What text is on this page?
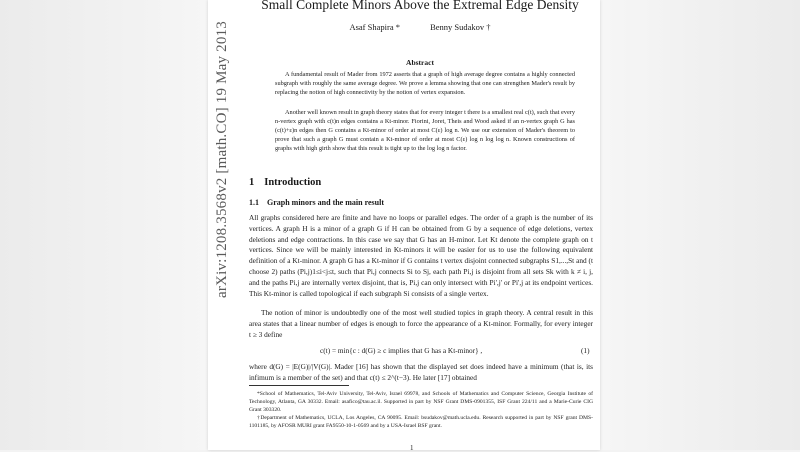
arXiv:1208.3568v2 [math.CO] 19 May 2013
Small Complete Minors Above the Extremal Edge Density
Asaf Shapira *	Benny Sudakov †
Abstract
A fundamental result of Mader from 1972 asserts that a graph of high average degree contains a highly connected subgraph with roughly the same average degree. We prove a lemma showing that one can strengthen Mader's result by replacing the notion of high connectivity by the notion of vertex expansion.
Another well known result in graph theory states that for every integer t there is a smallest real c(t), such that every n-vertex graph with c(t)n edges contains a Kt-minor. Fiorini, Joret, Theis and Wood asked if an n-vertex graph G has (c(t)+ε)n edges then G contains a Kt-minor of order at most C(ε) log n. We use our extension of Mader's theorem to prove that such a graph G must contain a Kt-minor of order at most C(ε) log n log log n. Known constructions of graphs with high girth show that this result is tight up to the log log n factor.
1 Introduction
1.1 Graph minors and the main result
All graphs considered here are finite and have no loops or parallel edges. The order of a graph is the number of its vertices. A graph H is a minor of a graph G if H can be obtained from G by a sequence of edge deletions, vertex deletions and edge contractions. In this case we say that G has an H-minor. Let Kt denote the complete graph on t vertices. Since we will be mainly interested in Kt-minors it will be easier for us to use the following equivalent definition of a Kt-minor. A graph G has a Kt-minor if G contains t vertex disjoint connected subgraphs S1,...,St and (t choose 2) paths (Pi,j)1≤i<j≤t, such that Pi,j connects Si to Sj, each path Pi,j is disjoint from all sets Sk with k ≠ i, j, and the paths Pi,j are internally vertex disjoint, that is, Pi,j can only intersect with Pi',j' or Pi',j at its endpoint vertices. This Kt-minor is called topological if each subgraph Si consists of a single vertex.
The notion of minor is undoubtedly one of the most well studied topics in graph theory. A central result in this area states that a linear number of edges is enough to force the appearance of a Kt-minor. Formally, for every integer t ≥ 3 define
c(t) = min{c : d(G) ≥ c implies that G has a Kt-minor} ,	(1)
where d(G) = |E(G)|/|V(G)|. Mader [16] has shown that the displayed set does indeed have a minimum (that is, its infimum is a member of the set) and that c(t) ≤ 2^(t−3). He later [17] obtained
*School of Mathematics, Tel-Aviv University, Tel-Aviv, Israel 69978, and Schools of Mathematics and Computer Science, Georgia Institute of Technology, Atlanta, GA 30332. Email: asafico@tau.ac.il. Supported in part by NSF Grant DMS-0901355, ISF Grant 224/11 and a Marie-Curie CIG Grant 303320.
†Department of Mathematics, UCLA, Los Angeles, CA 90095. Email: bsudakov@math.ucla.edu. Research supported in part by NSF grant DMS-1101185, by AFOSR MURI grant FA9550-10-1-0569 and by a USA-Israel BSF grant.
1
